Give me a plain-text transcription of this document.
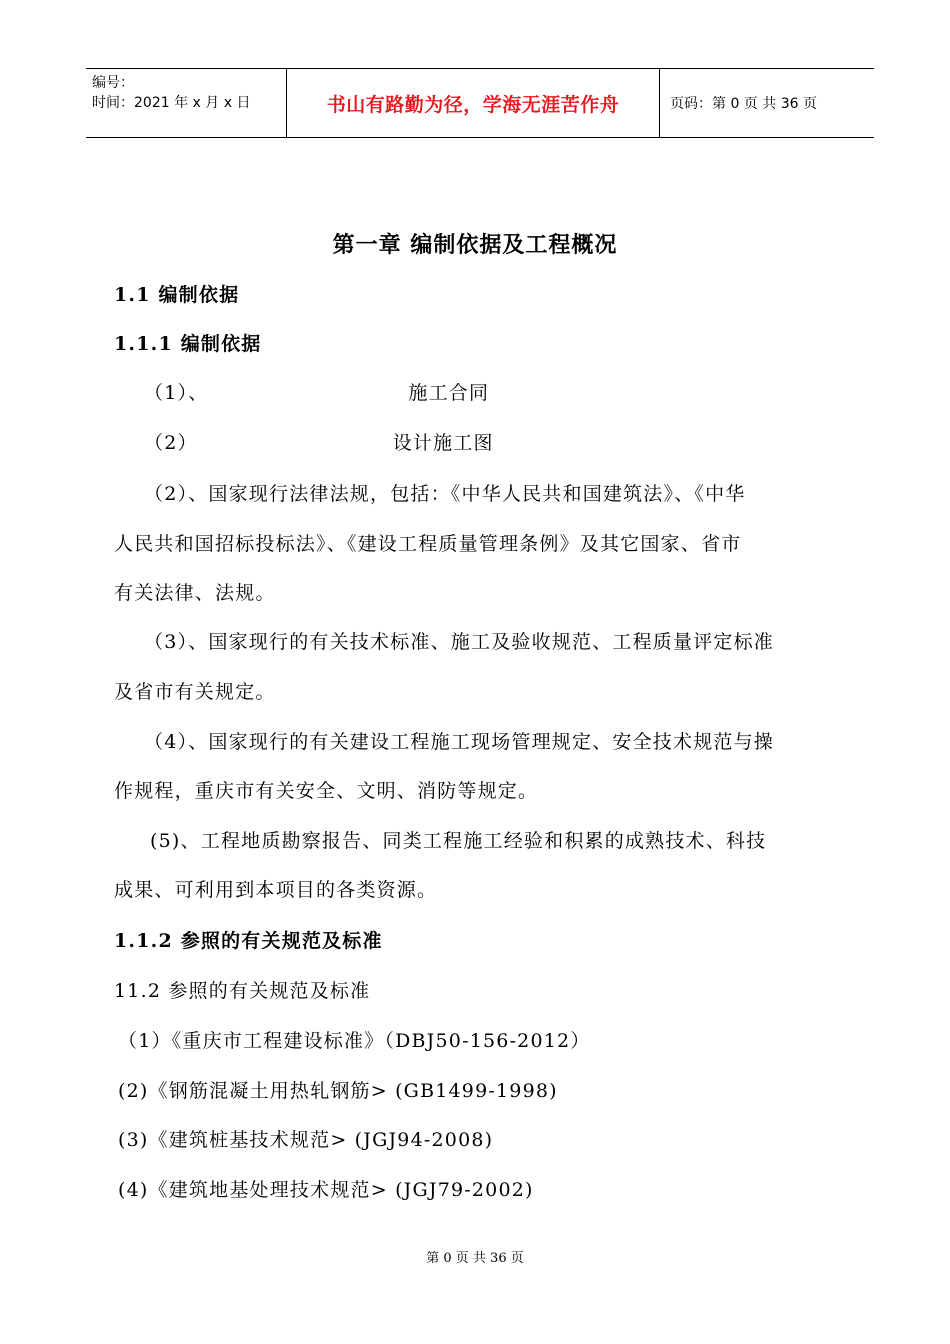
编号：
时间：2021 年 x 月 x 日	书山有路勤为径，学海无涯苦作舟	页码：第 0 页 共 36 页
第一章 编制依据及工程概况
1.1 编制依据
1.1.1 编制依据
（1）、	施工合同
（2）	设计施工图
（2）、国家现行法律法规，包括：《中华人民共和国建筑法》、《中华
人民共和国招标投标法》、《建设工程质量管理条例》及其它国家、省市
有关法律、法规。
（3）、国家现行的有关技术标准、施工及验收规范、工程质量评定标准
及省市有关规定。
（4）、国家现行的有关建设工程施工现场管理规定、安全技术规范与操
作规程，重庆市有关安全、文明、消防等规定。
(5)、工程地质勘察报告、同类工程施工经验和积累的成熟技术、科技
成果、可利用到本项目的各类资源。
1.1.2 参照的有关规范及标准
11.2 参照的有关规范及标准
（1）《重庆市工程建设标准》（DBJ50-156-2012）
(2)《钢筋混凝土用热轧钢筋> (GB1499-1998)
(3)《建筑桩基技术规范> (JGJ94-2008)
(4)《建筑地基处理技术规范> (JGJ79-2002)
第 0 页 共 36 页
